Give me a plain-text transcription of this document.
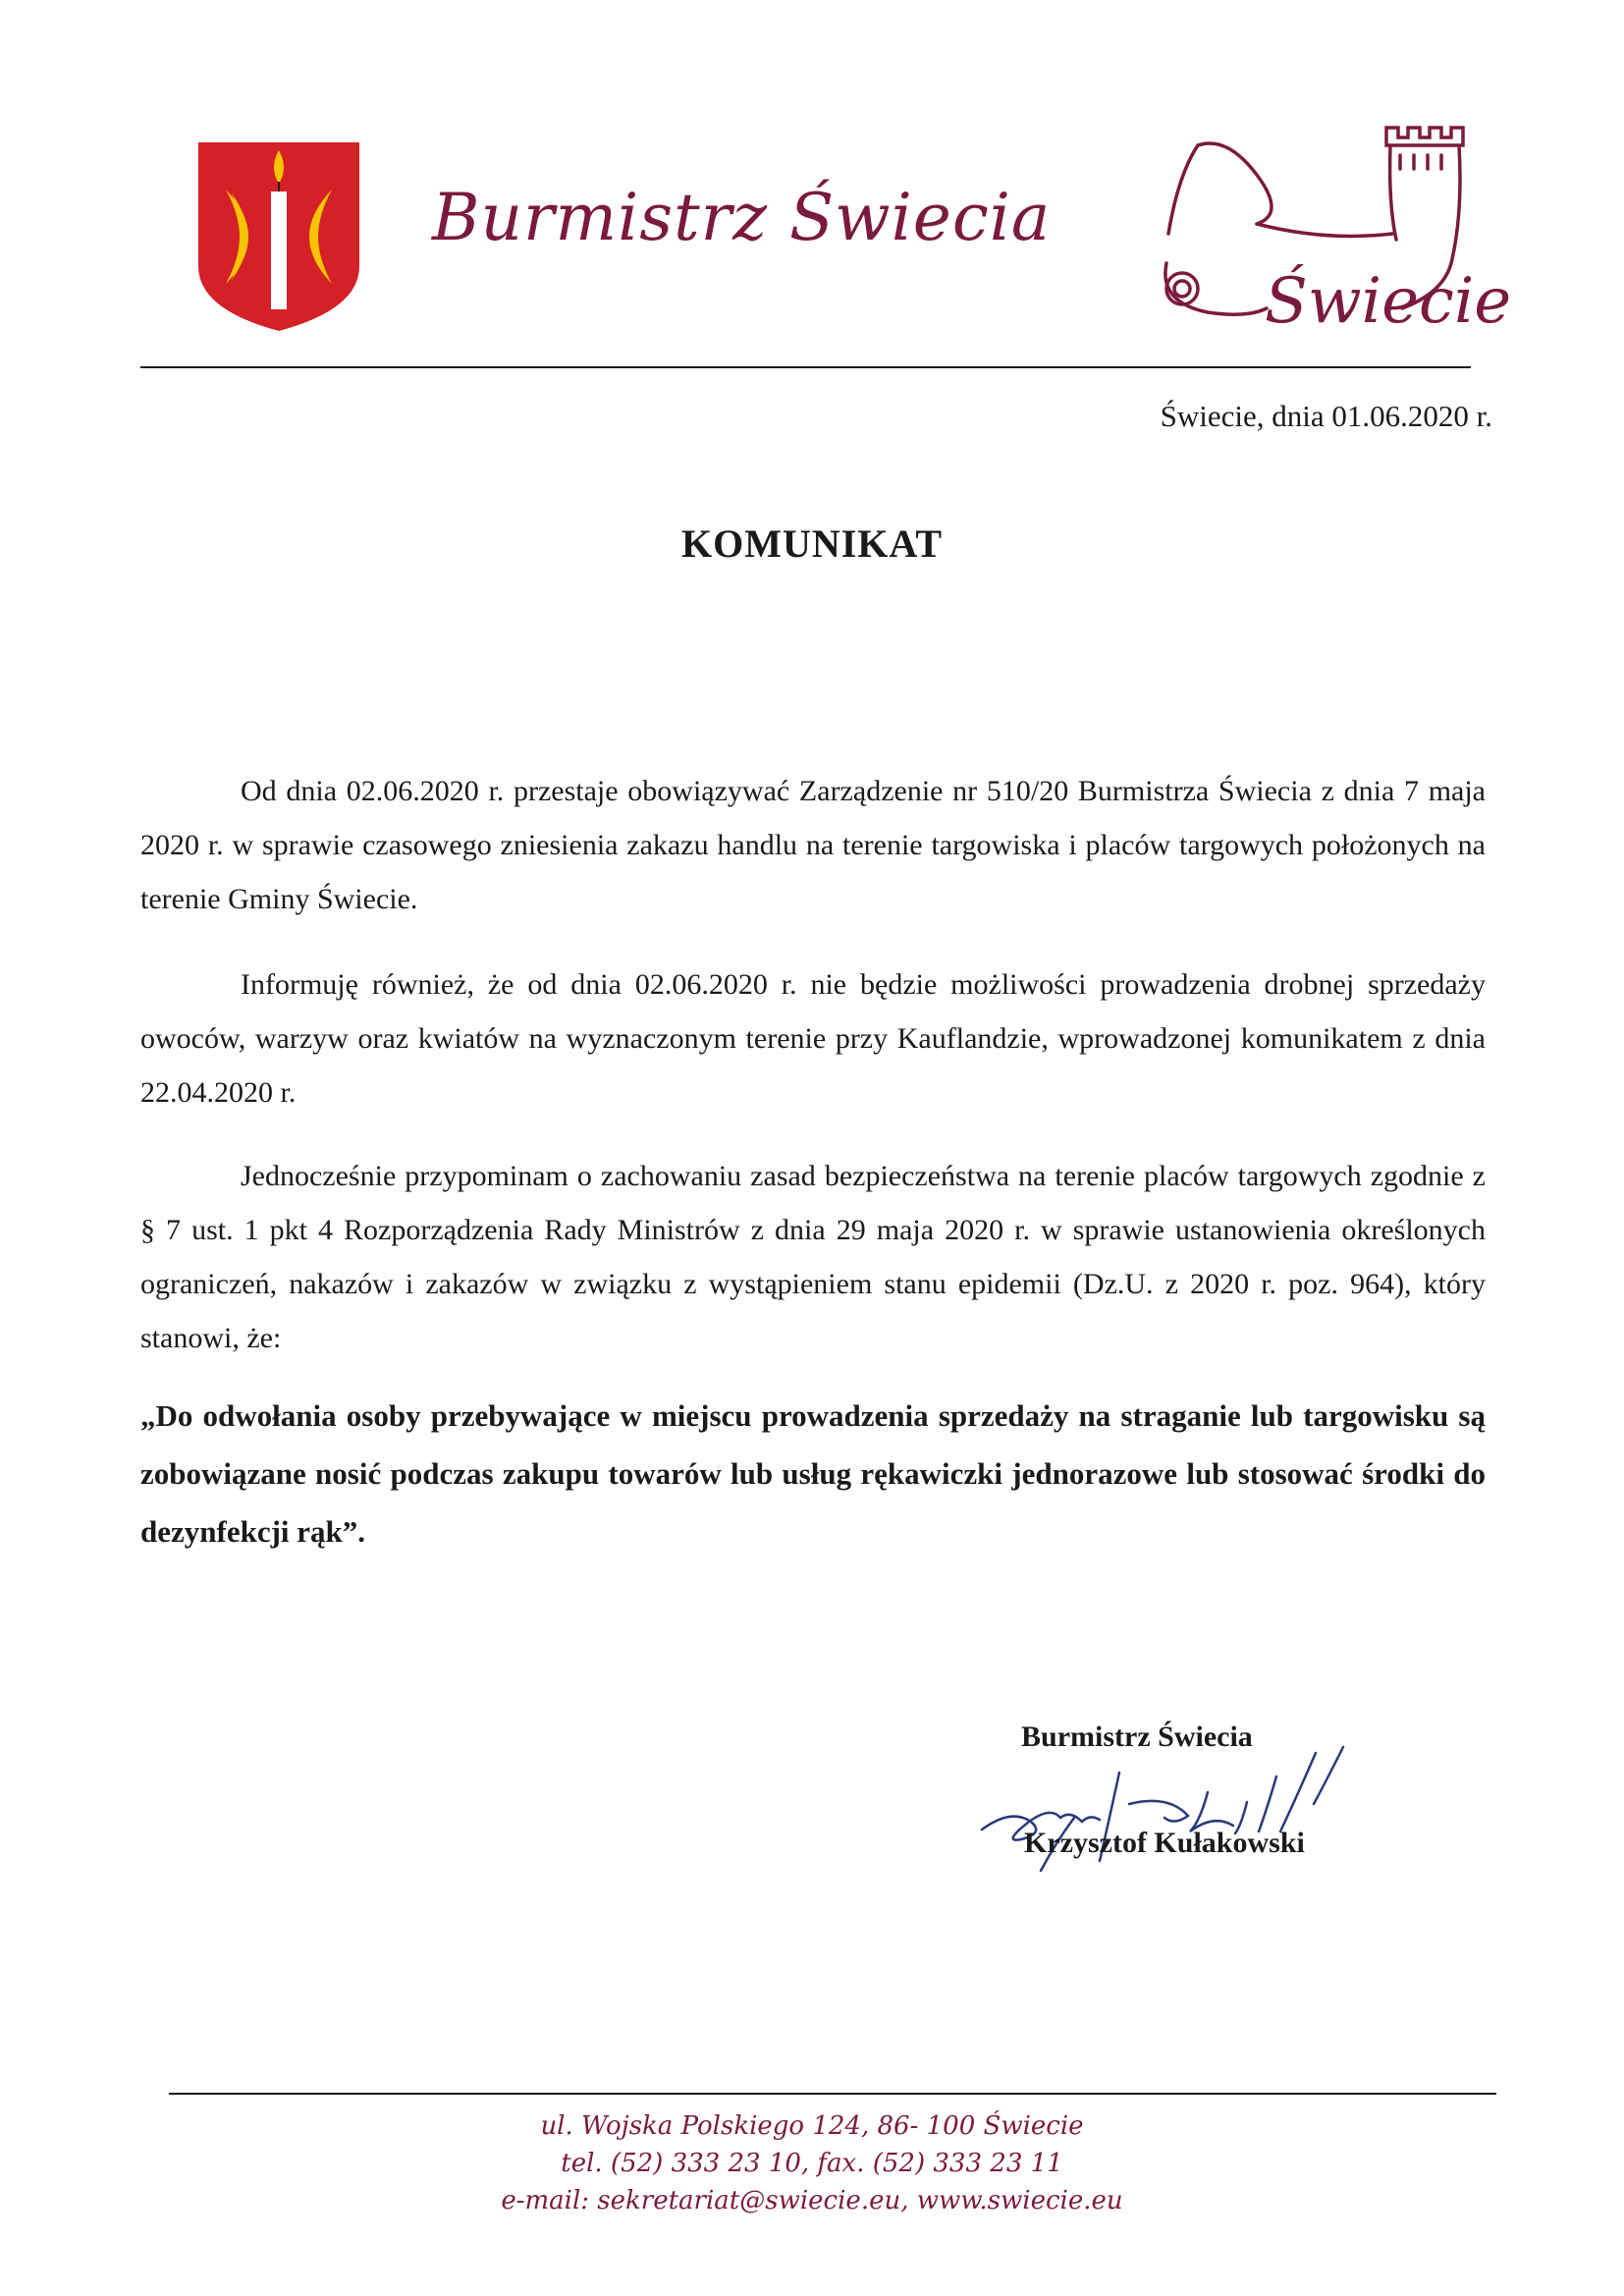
Burmistrz Świecia
Świecie
Świecie, dnia 01.06.2020 r.
KOMUNIKAT

Od dnia 02.06.2020 r. przestaje obowiązywać Zarządzenie nr 510/20 Burmistrza Świecia z dnia 7 maja 2020 r. w sprawie czasowego zniesienia zakazu handlu na terenie targowiska i placów targowych położonych na terenie Gminy Świecie.

Informuję również, że od dnia 02.06.2020 r. nie będzie możliwości prowadzenia drobnej sprzedaży owoców, warzyw oraz kwiatów na wyznaczonym terenie przy Kauflandzie, wprowadzonej komunikatem z dnia 22.04.2020 r.

Jednocześnie przypominam o zachowaniu zasad bezpieczeństwa na terenie placów targowych zgodnie z § 7 ust. 1 pkt 4 Rozporządzenia Rady Ministrów z dnia 29 maja 2020 r. w sprawie ustanowienia określonych ograniczeń, nakazów i zakazów w związku z wystąpieniem stanu epidemii (Dz.U. z 2020 r. poz. 964), który stanowi, że:

„Do odwołania osoby przebywające w miejscu prowadzenia sprzedaży na straganie lub targowisku są zobowiązane nosić podczas zakupu towarów lub usług rękawiczki jednorazowe lub stosować środki do dezynfekcji rąk”.

Burmistrz Świecia
Krzysztof Kułakowski
ul. Wojska Polskiego 124, 86- 100 Świecie
tel. (52) 333 23 10, fax. (52) 333 23 11
e-mail: sekretariat@swiecie.eu, www.swiecie.eu
